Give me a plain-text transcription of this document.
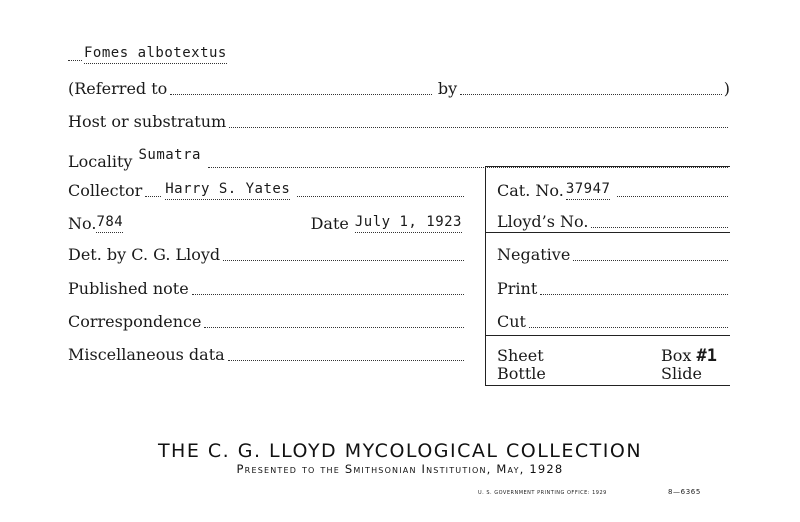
Fomes albotextus
(Referred to	by	)
Host or substratum
Locality Sumatra
Collector Harry S. Yates
No. 784	Date July 1, 1923
Det. by C. G. Lloyd
Published note
Correspondence
Miscellaneous data
Cat. No. 37947
Lloyd’s No.
Negative
Print
Cut
Sheet
Bottle
Box #1
Slide
THE C. G. LLOYD MYCOLOGICAL COLLECTION
Presented to the Smithsonian Institution, May, 1928
U. S. GOVERNMENT PRINTING OFFICE: 1929	8—6365
